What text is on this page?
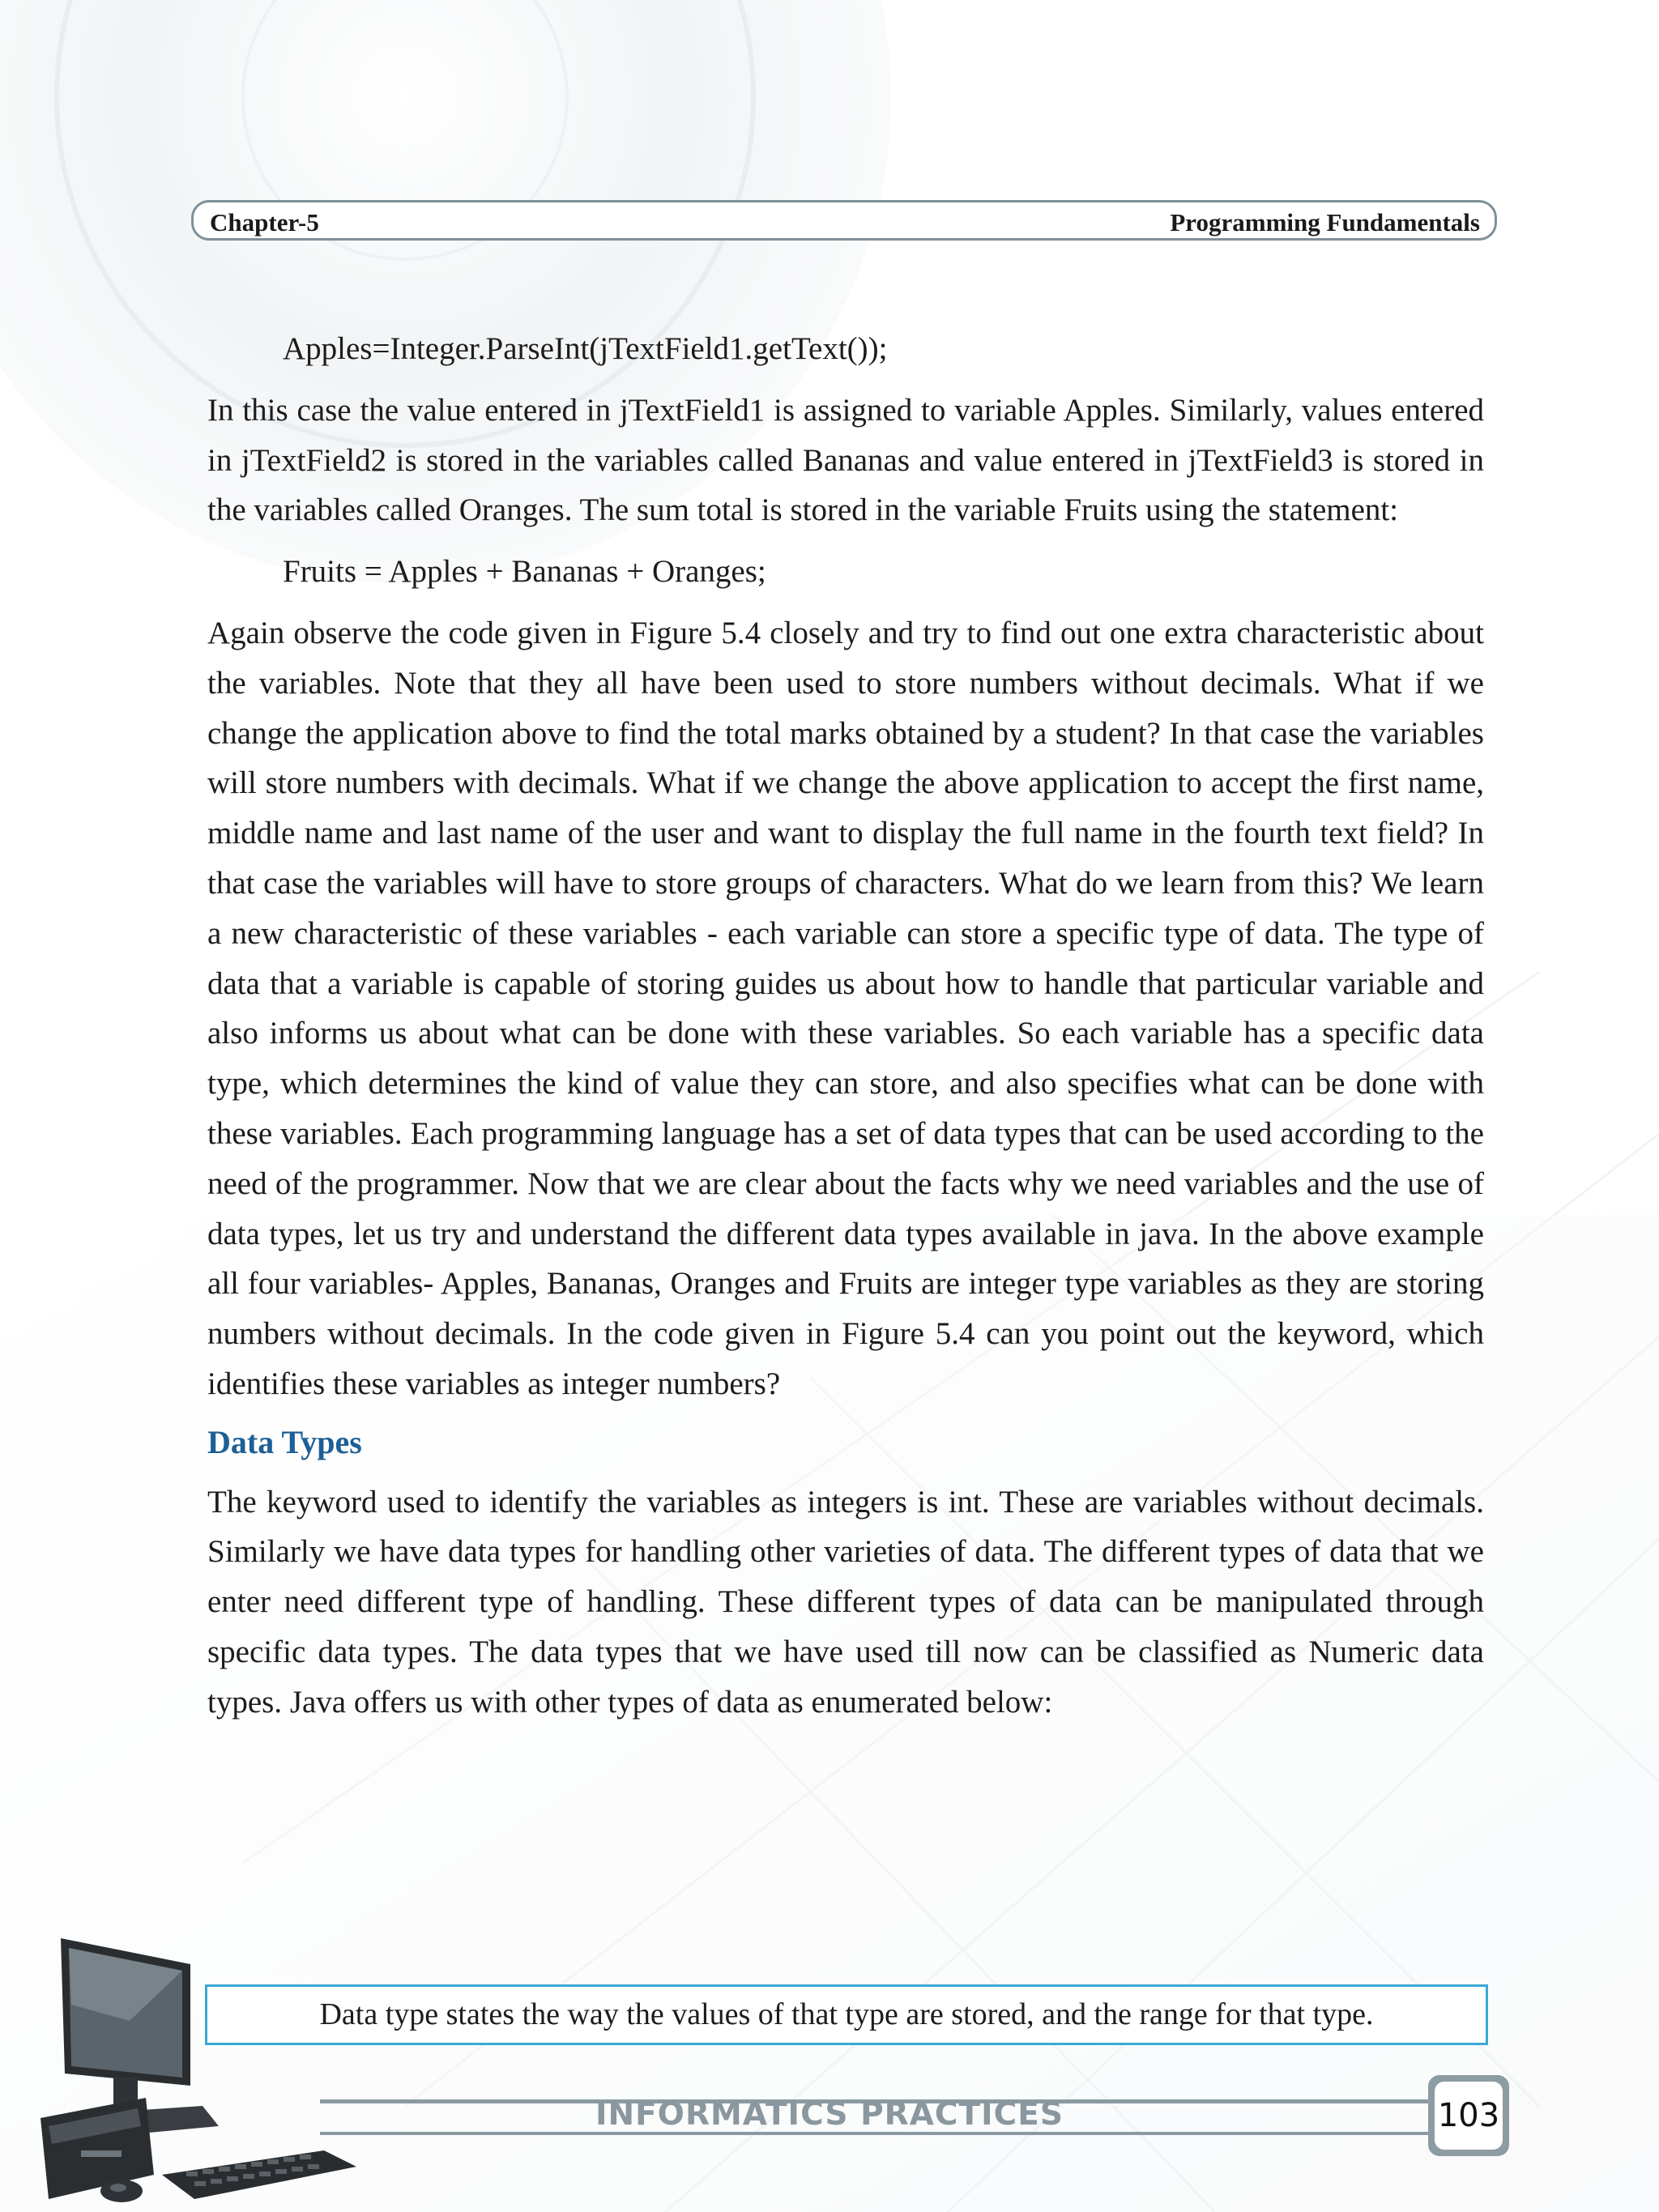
Chapter-5	Programming Fundamentals

Apples=Integer.ParseInt(jTextField1.getText());

In this case the value entered in jTextField1 is assigned to variable Apples. Similarly, values entered in jTextField2 is stored in the variables called Bananas and value entered in jTextField3 is stored in the variables called Oranges. The sum total is stored in the variable Fruits using the statement:

Fruits = Apples + Bananas + Oranges;

Again observe the code given in Figure 5.4 closely and try to find out one extra characteristic about the variables. Note that they all have been used to store numbers without decimals. What if we change the application above to find the total marks obtained by a student? In that case the variables will store numbers with decimals. What if we change the above application to accept the first name, middle name and last name of the user and want to display the full name in the fourth text field? In that case the variables will have to store groups of characters. What do we learn from this? We learn a new characteristic of these variables - each variable can store a specific type of data. The type of data that a variable is capable of storing guides us about how to handle that particular variable and also informs us about what can be done with these variables. So each variable has a specific data type, which determines the kind of value they can store, and also specifies what can be done with these variables. Each programming language has a set of data types that can be used according to the need of the programmer. Now that we are clear about the facts why we need variables and the use of data types, let us try and understand the different data types available in java. In the above example all four variables- Apples, Bananas, Oranges and Fruits are integer type variables as they are storing numbers without decimals. In the code given in Figure 5.4 can you point out the keyword, which identifies these variables as integer numbers?

Data Types

The keyword used to identify the variables as integers is int. These are variables without decimals. Similarly we have data types for handling other varieties of data. The different types of data that we enter need different type of handling. These different types of data can be manipulated through specific data types. The data types that we have used till now can be classified as Numeric data types. Java offers us with other types of data as enumerated below:

Data type states the way the values of that type are stored, and the range for that type.
INFORMATICS PRACTICES	103
